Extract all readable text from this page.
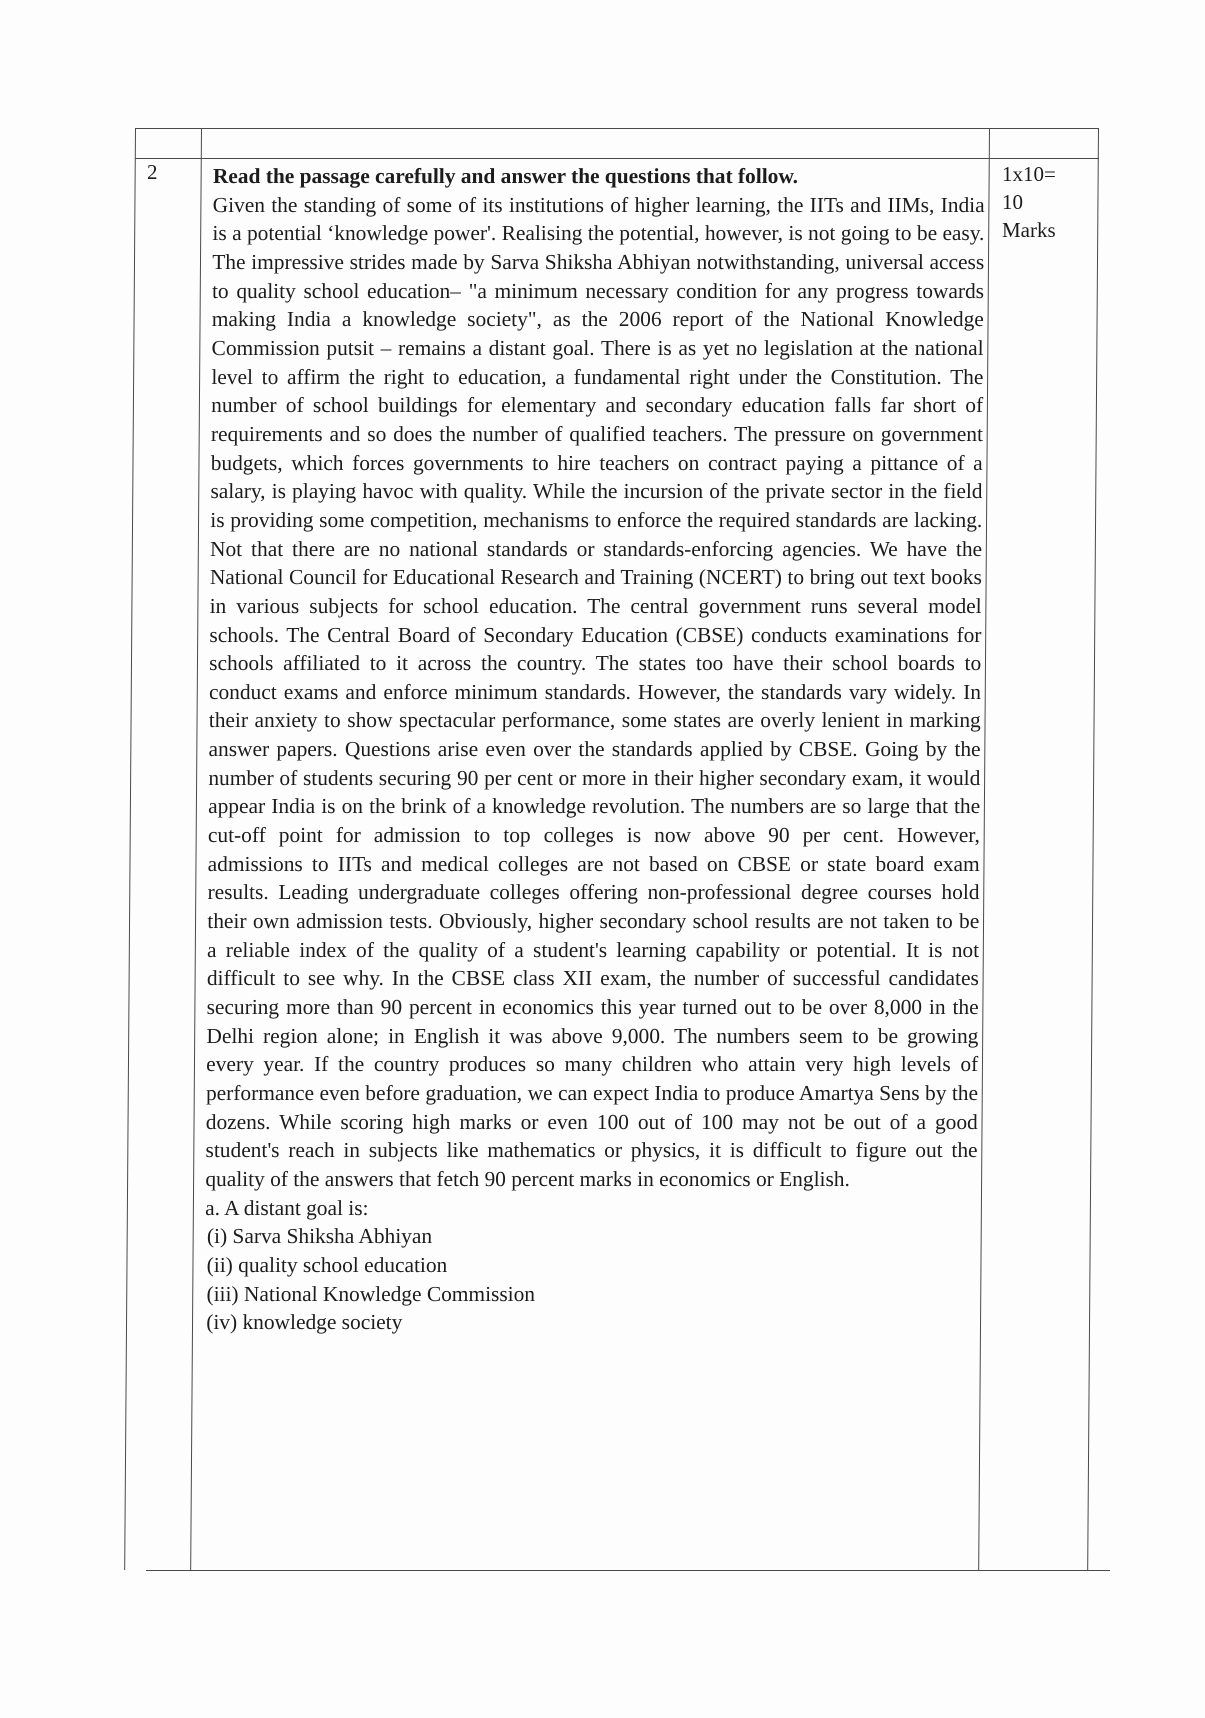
2	1x10=
10
Marks

Read the passage carefully and answer the questions that follow.

Given the standing of some of its institutions of higher learning, the IITs and IIMs, India is a potential ‘knowledge power'. Realising the potential, however, is not going to be easy. The impressive strides made by Sarva Shiksha Abhiyan notwithstanding, universal access to quality school education– "a minimum necessary condition for any progress towards making India a knowledge society", as the 2006 report of the National Knowledge Commission putsit – remains a distant goal. There is as yet no legislation at the national level to affirm the right to education, a fundamental right under the Constitution. The number of school buildings for elementary and secondary education falls far short of requirements and so does the number of qualified teachers. The pressure on government budgets, which forces governments to hire teachers on contract paying a pittance of a salary, is playing havoc with quality. While the incursion of the private sector in the field is providing some competition, mechanisms to enforce the required standards are lacking. Not that there are no national standards or standards-enforcing agencies. We have the National Council for Educational Research and Training (NCERT) to bring out text books in various subjects for school education. The central government runs several model schools. The Central Board of Secondary Education (CBSE) conducts examinations for schools affiliated to it across the country. The states too have their school boards to conduct exams and enforce minimum standards. However, the standards vary widely. In their anxiety to show spectacular performance, some states are overly lenient in marking answer papers. Questions arise even over the standards applied by CBSE. Going by the number of students securing 90 per cent or more in their higher secondary exam, it would appear India is on the brink of a knowledge revolution. The numbers are so large that the cut-off point for admission to top colleges is now above 90 per cent. However, admissions to IITs and medical colleges are not based on CBSE or state board exam results. Leading undergraduate colleges offering non-professional degree courses hold their own admission tests. Obviously, higher secondary school results are not taken to be a reliable index of the quality of a student's learning capability or potential. It is not difficult to see why. In the CBSE class XII exam, the number of successful candidates securing more than 90 percent in economics this year turned out to be over 8,000 in the Delhi region alone; in English it was above 9,000. The numbers seem to be growing every year. If the country produces so many children who attain very high levels of performance even before graduation, we can expect India to produce Amartya Sens by the dozens. While scoring high marks or even 100 out of 100 may not be out of a good student's reach in subjects like mathematics or physics, it is difficult to figure out the quality of the answers that fetch 90 percent marks in economics or English.

a. A distant goal is:

(i) Sarva Shiksha Abhiyan
(ii) quality school education
(iii) National Knowledge Commission
(iv) knowledge society
